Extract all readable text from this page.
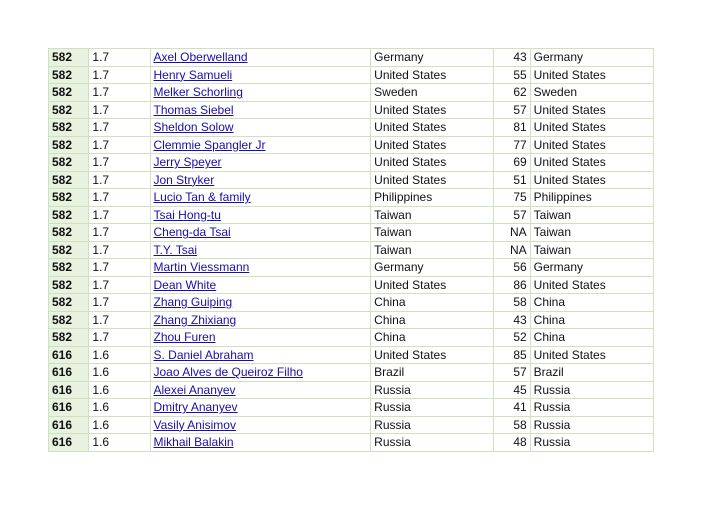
582	1.7	Axel Oberwelland	Germany	43	Germany
582	1.7	Henry Samueli	United States	55	United States
582	1.7	Melker Schorling	Sweden	62	Sweden
582	1.7	Thomas Siebel	United States	57	United States
582	1.7	Sheldon Solow	United States	81	United States
582	1.7	Clemmie Spangler Jr	United States	77	United States
582	1.7	Jerry Speyer	United States	69	United States
582	1.7	Jon Stryker	United States	51	United States
582	1.7	Lucio Tan & family	Philippines	75	Philippines
582	1.7	Tsai Hong-tu	Taiwan	57	Taiwan
582	1.7	Cheng-da Tsai	Taiwan	NA	Taiwan
582	1.7	T.Y. Tsai	Taiwan	NA	Taiwan
582	1.7	Martin Viessmann	Germany	56	Germany
582	1.7	Dean White	United States	86	United States
582	1.7	Zhang Guiping	China	58	China
582	1.7	Zhang Zhixiang	China	43	China
582	1.7	Zhou Furen	China	52	China
616	1.6	S. Daniel Abraham	United States	85	United States
616	1.6	Joao Alves de Queiroz Filho	Brazil	57	Brazil
616	1.6	Alexei Ananyev	Russia	45	Russia
616	1.6	Dmitry Ananyev	Russia	41	Russia
616	1.6	Vasily Anisimov	Russia	58	Russia
616	1.6	Mikhail Balakin	Russia	48	Russia
